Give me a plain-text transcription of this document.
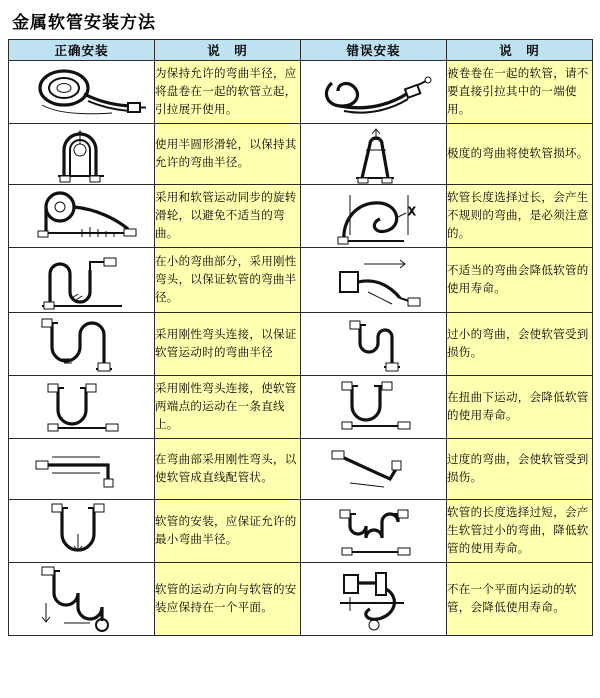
金属软管安装方法
正确安装	说　明	错误安装	说　明

	为保持允许的弯曲半径，应将盘卷在一起的软管立起，引拉展开使用。		被卷卷在一起的软管，请不要直接引拉其中的一端使用。

	使用半圆形滑轮，以保持其允许的弯曲半径。		极度的弯曲将使软管损坏。

	采用和软管运动同步的旋转滑轮，以避免不适当的弯曲。	X	软管长度选择过长，会产生不规则的弯曲，是必须注意的。

	在小的弯曲部分，采用刚性弯头，以保证软管的弯曲半径。		不适当的弯曲会降低软管的使用寿命。

	采用刚性弯头连接，以保证软管运动时的弯曲半径		过小的弯曲，会使软管受到损伤。

	采用刚性弯头连接，使软管两端点的运动在一条直线上。		在扭曲下运动，会降低软管的使用寿命。

	在弯曲部采用刚性弯头，以使软管成直线配管状。		过度的弯曲，会使软管受到损伤。

	软管的安装，应保证允许的最小弯曲半径。		软管的长度选择过短，会产生软管过小的弯曲，降低软管的使用寿命。

	软管的运动方向与软管的安装应保持在一个平面。		不在一个平面内运动的软管，会降低使用寿命。
